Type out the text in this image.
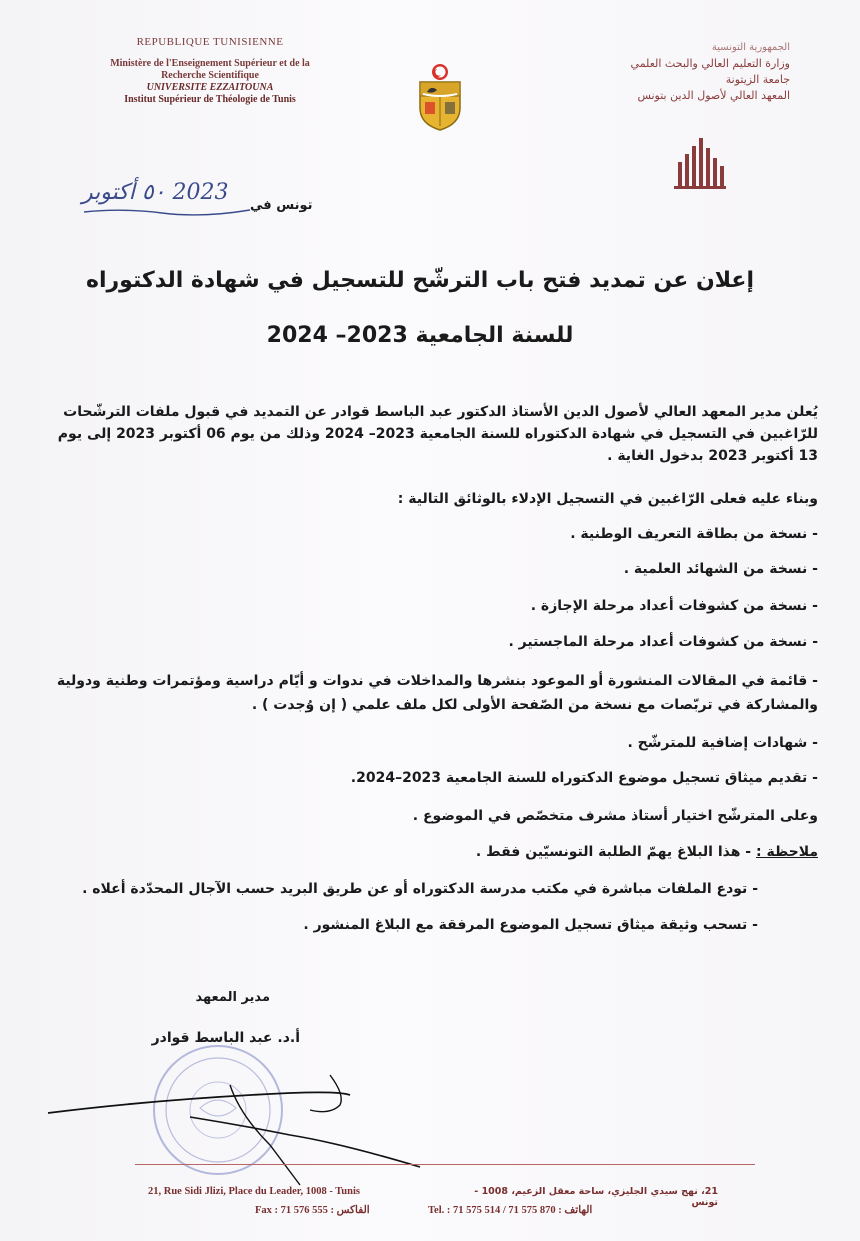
REPUBLIQUE TUNISIENNE
Ministère de l'Enseignement Supérieur et de la
Recherche Scientifique
UNIVERSITE EZZAITOUNA
Institut Supérieur de Théologie de Tunis
الجمهورية التونسية
وزارة التعليم العالي والبحث العلمي
جامعة الزيتونة
المعهد العالي لأصول الدين بتونس
تونس في
2023 ٥٠ أكتوبر
إعلان عن تمديد فتح باب الترشّح للتسجيل في شهادة الدكتوراه
للسنة الجامعية 2023– 2024
يُعلن مدير المعهد العالي لأصول الدين الأستاذ الدكتور عبد الباسط قوادر عن التمديد في قبول ملفات الترشّحات للرّاغبين في التسجيل في شهادة الدكتوراه للسنة الجامعية 2023– 2024 وذلك من يوم 06 أكتوبر 2023 إلى يوم 13 أكتوبر 2023 بدخول الغاية .
وبناء عليه فعلى الرّاغبين في التسجيل الإدلاء بالوثائق التالية :
- نسخة من بطاقة التعريف الوطنية .
- نسخة من الشهائد العلمية .
- نسخة من كشوفات أعداد مرحلة الإجازة .
- نسخة من كشوفات أعداد مرحلة الماجستير .
- قائمة في المقالات المنشورة أو الموعود بنشرها والمداخلات في ندوات و أيّام دراسية ومؤتمرات وطنية ودولية والمشاركة في تربّصات مع نسخة من الصّفحة الأولى لكل ملف علمي ( إن وُجدت ) .
- شهادات إضافية للمترشّح .
- تقديم ميثاق تسجيل موضوع الدكتوراه للسنة الجامعية 2023–2024.
وعلى المترشّح اختيار أستاذ مشرف متخصّص في الموضوع .
ملاحظة : - هذا البلاغ يهمّ الطلبة التونسيّين فقط .
- تودع الملفات مباشرة في مكتب مدرسة الدكتوراه أو عن طريق البريد حسب الآجال المحدّدة أعلاه .
- تسحب وثيقة ميثاق تسجيل الموضوع المرفقة مع البلاغ المنشور .
مدير المعهد
أ.د. عبد الباسط قوادر
21, Rue Sidi Jlizi, Place du Leader, 1008 - Tunis	21، نهج سيدي الجليزي، ساحة معقل الزعيم، 1008 - تونس
Fax : 71 576 555 : الفاكس	Tel. : 71 575 514 / 71 575 870 : الهاتف
